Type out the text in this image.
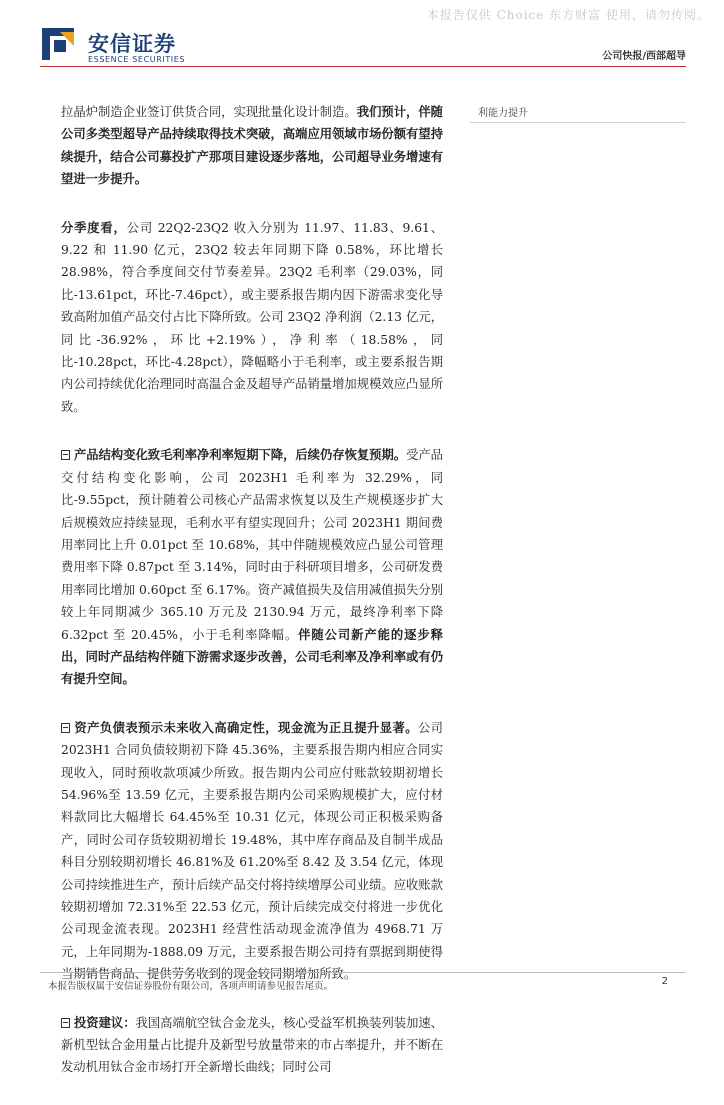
本报告仅供 Choice 东方财富 使用，请勿传阅。
安信证券
ESSENCE SECURITIES	公司快报/西部超导
利能力提升

拉晶炉制造企业签订供货合同，实现批量化设计制造。我们预计，伴随公司多类型超导产品持续取得技术突破，高端应用领域市场份额有望持续提升，结合公司募投扩产那项目建设逐步落地，公司超导业务增速有望进一步提升。

分季度看，公司 22Q2-23Q2 收入分别为 11.97、11.83、9.61、9.22 和 11.90 亿元，23Q2 较去年同期下降 0.58%，环比增长 28.98%，符合季度间交付节奏差异。23Q2 毛利率（29.03%，同比-13.61pct，环比-7.46pct），或主要系报告期内因下游需求变化导致高附加值产品交付占比下降所致。公司 23Q2 净利润（2.13 亿元，同比-36.92%，环比+2.19%），净利率（18.58%，同比-10.28pct，环比-4.28pct），降幅略小于毛利率，或主要系报告期内公司持续优化治理同时高温合金及超导产品销量增加规模效应凸显所致。

产品结构变化致毛利率净利率短期下降，后续仍存恢复预期。受产品交付结构变化影响，公司 2023H1 毛利率为 32.29%，同比-9.55pct，预计随着公司核心产品需求恢复以及生产规模逐步扩大后规模效应持续显现，毛利水平有望实现回升；公司 2023H1 期间费用率同比上升 0.01pct 至 10.68%，其中伴随规模效应凸显公司管理费用率下降 0.87pct 至 3.14%，同时由于科研项目增多，公司研发费用率同比增加 0.60pct 至 6.17%。资产减值损失及信用减值损失分别较上年同期减少 365.10 万元及 2130.94 万元，最终净利率下降 6.32pct 至 20.45%，小于毛利率降幅。伴随公司新产能的逐步释出，同时产品结构伴随下游需求逐步改善，公司毛利率及净利率或有仍有提升空间。

资产负债表预示未来收入高确定性，现金流为正且提升显著。公司 2023H1 合同负债较期初下降 45.36%，主要系报告期内相应合同实现收入，同时预收款项减少所致。报告期内公司应付账款较期初增长 54.96%至 13.59 亿元，主要系报告期内公司采购规模扩大，应付材料款同比大幅增长 64.45%至 10.31 亿元，体现公司正积极采购备产，同时公司存货较期初增长 19.48%，其中库存商品及自制半成品科目分别较期初增长 46.81%及 61.20%至 8.42 及 3.54 亿元，体现公司持续推进生产，预计后续产品交付将持续增厚公司业绩。应收账款较期初增加 72.31%至 22.53 亿元，预计后续完成交付将进一步优化公司现金流表现。2023H1 经营性活动现金流净值为 4968.71 万元，上年同期为-1888.09 万元，主要系报告期公司持有票据到期使得当期销售商品、提供劳务收到的现金较同期增加所致。

投资建议：我国高端航空钛合金龙头，核心受益军机换装列装加速、新机型钛合金用量占比提升及新型号放量带来的市占率提升，并不断在发动机用钛合金市场打开全新增长曲线；同时公司

本报告版权属于安信证券股份有限公司，各项声明请参见报告尾页。	2
